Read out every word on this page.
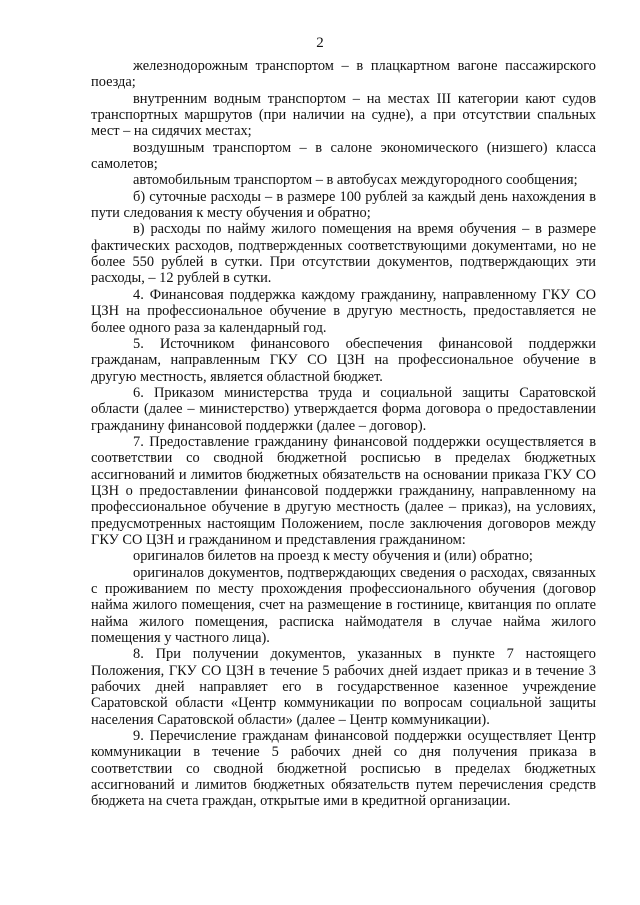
2

железнодорожным транспортом – в плацкартном вагоне пассажирского поезда;

внутренним водным транспортом – на местах III категории кают судов транспортных маршрутов (при наличии на судне), а при отсутствии спальных мест – на сидячих местах;

воздушным транспортом – в салоне экономического (низшего) класса самолетов;

автомобильным транспортом – в автобусах междугородного сообщения;

б) суточные расходы – в размере 100 рублей за каждый день нахождения в пути следования к месту обучения и обратно;

в) расходы по найму жилого помещения на время обучения – в размере фактических расходов, подтвержденных соответствующими документами, но не более 550 рублей в сутки. При отсутствии документов, подтверждающих эти расходы, – 12 рублей в сутки.

4. Финансовая поддержка каждому гражданину, направленному ГКУ СО ЦЗН на профессиональное обучение в другую местность, предоставляется не более одного раза за календарный год.

5. Источником финансового обеспечения финансовой поддержки гражданам, направленным ГКУ СО ЦЗН на профессиональное обучение в другую местность, является областной бюджет.

6. Приказом министерства труда и социальной защиты Саратовской области (далее – министерство) утверждается форма договора о предоставлении гражданину финансовой поддержки (далее – договор).

7. Предоставление гражданину финансовой поддержки осуществляется в соответствии со сводной бюджетной росписью в пределах бюджетных ассигнований и лимитов бюджетных обязательств на основании приказа ГКУ СО ЦЗН о предоставлении финансовой поддержки гражданину, направленному на профессиональное обучение в другую местность (далее – приказ), на условиях, предусмотренных настоящим Положением, после заключения договоров между ГКУ СО ЦЗН и гражданином и представления гражданином:

оригиналов билетов на проезд к месту обучения и (или) обратно;

оригиналов документов, подтверждающих сведения о расходах, связанных с проживанием по месту прохождения профессионального обучения (договор найма жилого помещения, счет на размещение в гостинице, квитанция по оплате найма жилого помещения, расписка наймодателя в случае найма жилого помещения у частного лица).

8. При получении документов, указанных в пункте 7 настоящего Положения, ГКУ СО ЦЗН в течение 5 рабочих дней издает приказ и в течение 3 рабочих дней направляет его в государственное казенное учреждение Саратовской области «Центр коммуникации по вопросам социальной защиты населения Саратовской области» (далее – Центр коммуникации).

9. Перечисление гражданам финансовой поддержки осуществляет Центр коммуникации в течение 5 рабочих дней со дня получения приказа в соответствии со сводной бюджетной росписью в пределах бюджетных ассигнований и лимитов бюджетных обязательств путем перечисления средств бюджета на счета граждан, открытые ими в кредитной организации.
